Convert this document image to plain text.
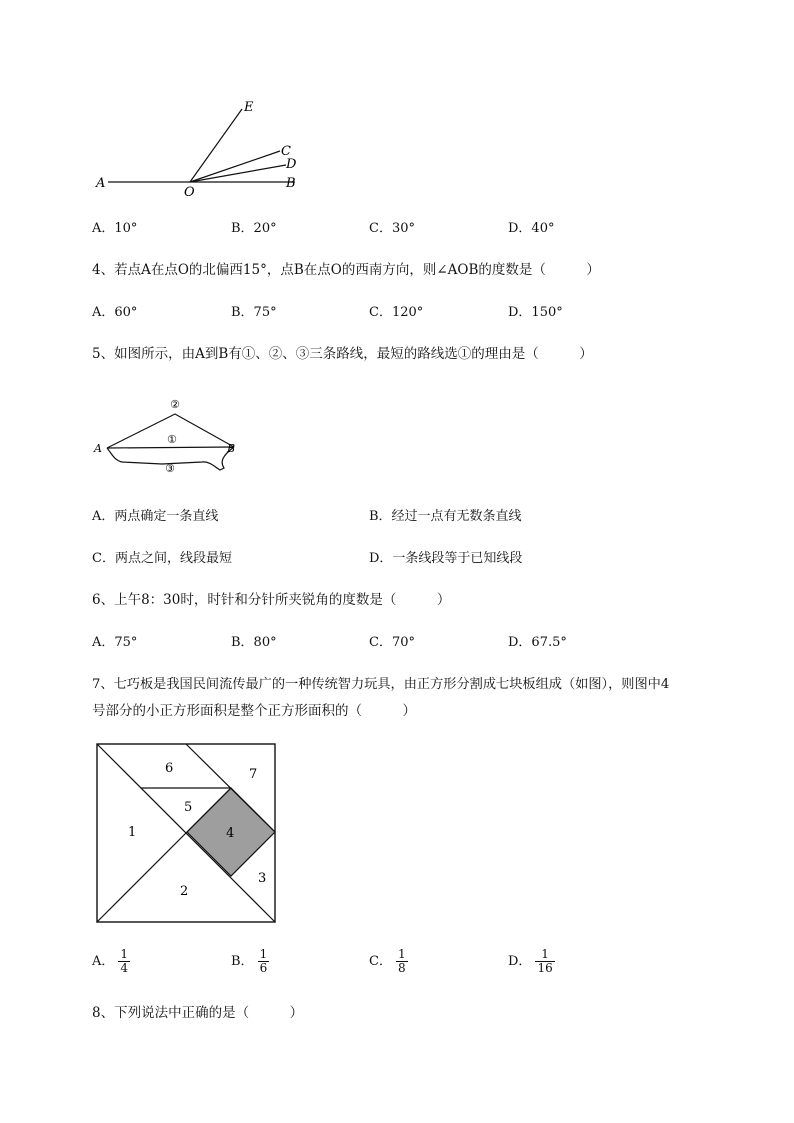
E
C
D
A
O
B
A．10°	B．20°	C．30°	D．40°
4、若点A在点O的北偏西15°，点B在点O的西南方向，则∠AOB的度数是（　　　）
A．60°	B．75°	C．120°	D．150°
5、如图所示，由A到B有①、②、③三条路线，最短的路线选①的理由是（　　　）
A	B
②
①
③
A．两点确定一条直线	B．经过一点有无数条直线
C．两点之间，线段最短	D．一条线段等于已知线段
6、上午8：30时，时针和分针所夹锐角的度数是（　　　）
A．75°	B．80°	C．70°	D．67.5°
7、七巧板是我国民间流传最广的一种传统智力玩具，由正方形分割成七块板组成（如图），则图中4
号部分的小正方形面积是整个正方形面积的（　　　）
6	7
5
1	4
3
2
A． $\frac{1}{4}$	B． $\frac{1}{6}$	C． $\frac{1}{8}$	D． $\frac{1}{16}$
8、下列说法中正确的是（　　　）
